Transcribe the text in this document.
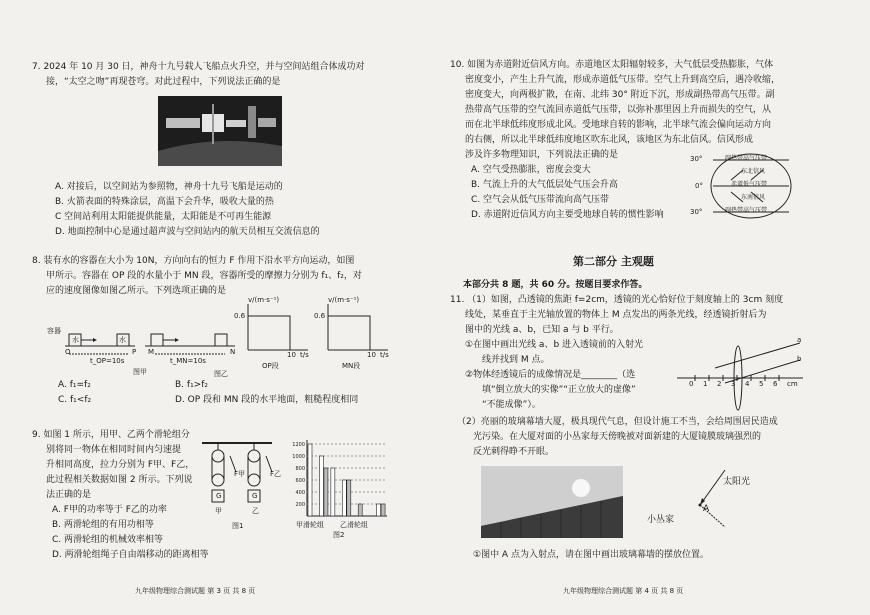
7. 2024 年 10 月 30 日，神舟十九号载人飞船点火升空，并与空间站组合体成功对
接，“太空之吻”再现苍穹。对此过程中，下列说法正确的是
A. 对接后，以空间站为参照物，神舟十九号飞船是运动的
B. 火箭表面的特殊涂层，高温下会升华，吸收大量的热
C 空间站利用太阳能提供能量，太阳能是不可再生能源
D. 地面控制中心是通过超声波与空间站内的航天员相互交流信息的
8. 装有水的容器在大小为 10N，方向向右的恒力 F 作用下沿水平方向运动，如图
甲所示。容器在 OP 段的水量小于 MN 段，容器所受的摩擦力分别为 f₁、f₂，对
应的速度图像如图乙所示。下列选项正确的是
容器
水	水
O	P M	N
t_OP=10s	t_MN=10s
图甲
v/(m·s⁻¹)
0.6
10 t/s
OP段
v/(m·s⁻¹)
0.6
10 t/s
MN段
图乙
A. f₁=f₂	B. f₁>f₂
C. f₁<f₂	D. OP 段和 MN 段的水平地面，粗糙程度相同
9. 如图 1 所示，用甲、乙两个滑轮组分
别将同一物体在相同时间内匀速提
升相同高度，拉力分别为 F甲、F乙，
此过程相关数据如图 2 所示。下列说
法正确的是
A. F甲的功率等于 F乙的功率
B. 两滑轮组的有用功相等
C. 两滑轮组的机械效率相等
D. 两滑轮组绳子自由端移动的距离相等
F甲	F乙
G	G
甲	乙
图1
200
400
600
800
1000
1200
甲滑轮组 乙滑轮组
图2
九年级物理综合测试题 第 3 页 共 8 页
10. 如图为赤道附近信风方向。赤道地区太阳辐射较多，大气低层受热膨胀，气体
密度变小，产生上升气流，形成赤道低气压带。空气上升到高空后，遇冷收缩，
密度变大，向两极扩散，在南、北纬 30° 附近下沉，形成副热带高气压带。副
热带高气压带的空气流回赤道低气压带，以弥补那里因上升而损失的空气，从
而在北半球低纬度形成北风。受地球自转的影响，北半球气流会偏向运动方向
的右侧，所以北半球低纬度地区吹东北风，该地区为东北信风。信风形成
涉及许多物理知识，下列说法正确的是
A. 空气受热膨胀，密度会变大
B. 气流上升的大气低层处气压会升高
C. 空气会从低气压带流向高气压带
D. 赤道附近信风方向主要受地球自转的惯性影响
30°
0°
30°
副热带高气压带
东北信风
赤道低气压带
东南信风
副热带高气压带
第二部分 主观题
本部分共 8 题，共 60 分。按题目要求作答。
11. （1）如图，凸透镜的焦距 f=2cm，透镜的光心恰好位于刻度轴上的 3cm 刻度
线处，某垂直于主光轴放置的物体上 M 点发出的两条光线，经透镜折射后为
图中的光线 a、b，已知 a 与 b 平行。
①在图中画出光线 a、b 进入透镜前的入射光
线并找到 M 点。
②物体经透镜后的成像情况是________（选
填“倒立放大的实像”“正立放大的虚像”
“不能成像”）。
0 1 2 3 4 5 6 cm
a
b
（2）亮丽的玻璃幕墙大厦，极具现代气息，但设计施工不当，会给周围居民造成
光污染。在大厦对面的小丛家每天傍晚被对面新建的大厦镜膜玻璃强烈的
反光刺得睁不开眼。
太阳光
小丛家
A
①图中 A 点为入射点，请在图中画出玻璃幕墙的摆放位置。
九年级物理综合测试题 第 4 页 共 8 页
